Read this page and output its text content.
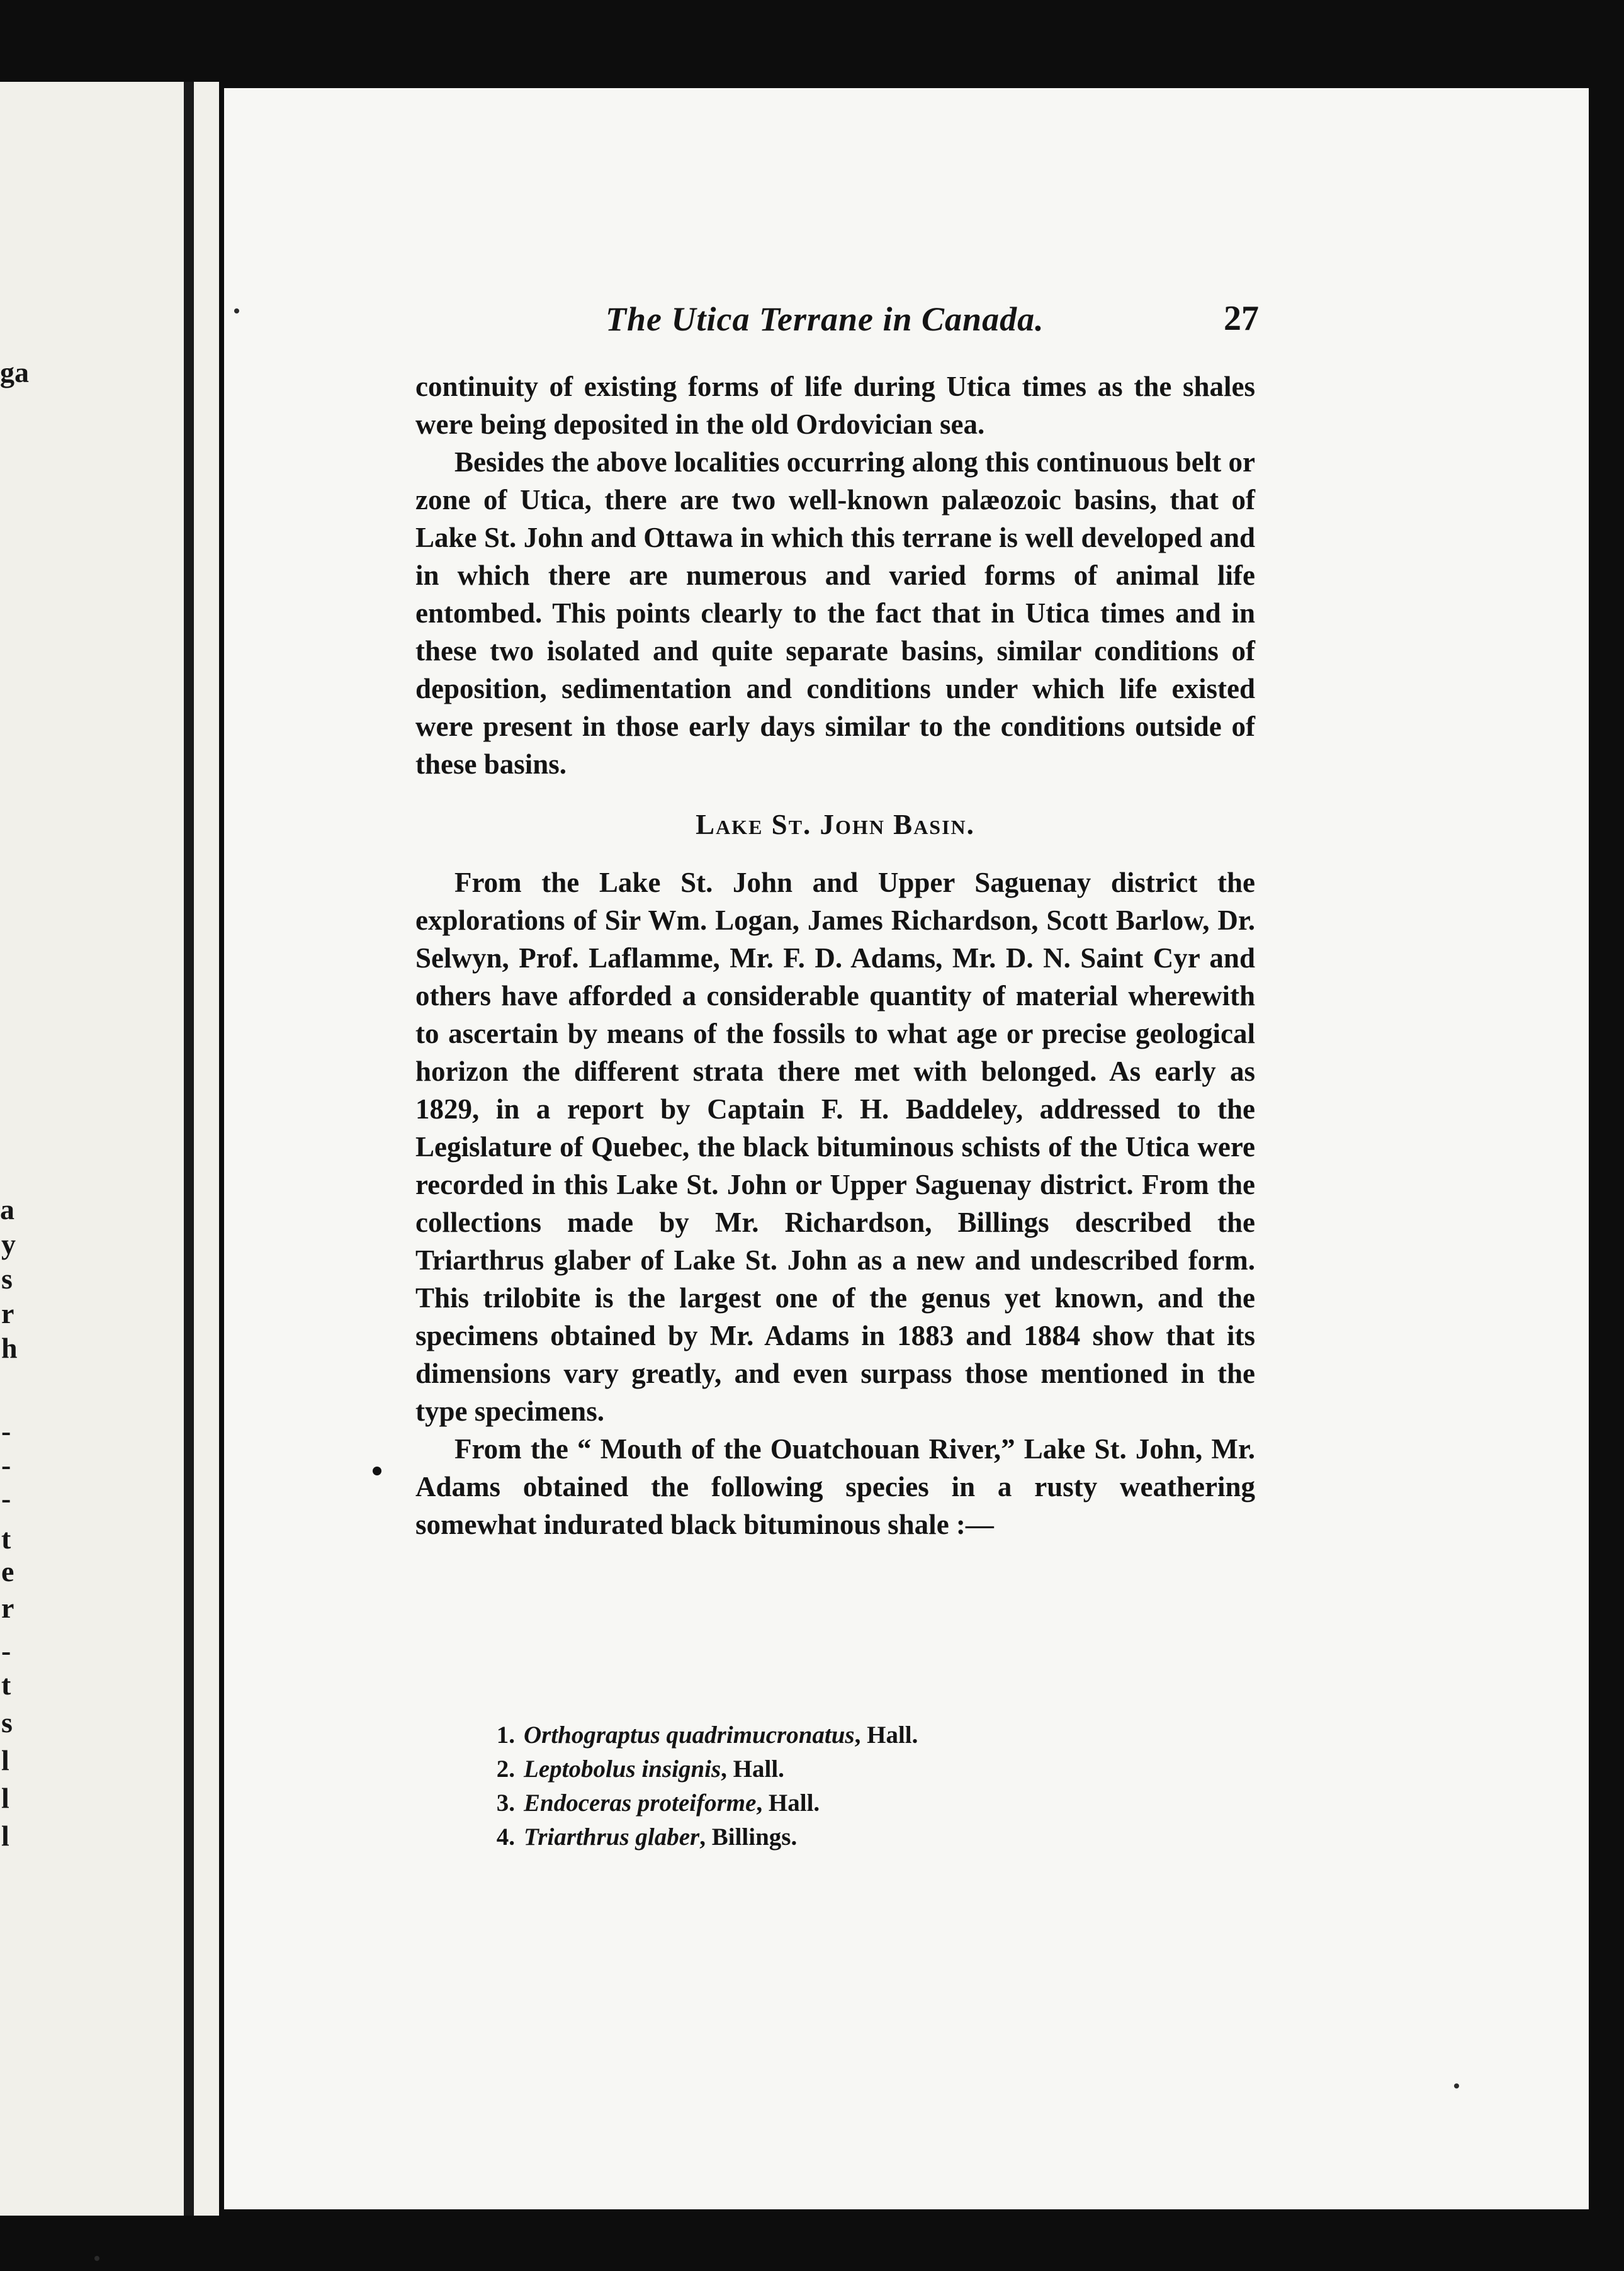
ga
a
y
s
r
h
-
-
-
t
e
r
-
t
s
l
l
l
The Utica Terrane in Canada.	27

continuity of existing forms of life during Utica times as the shales were being deposited in the old Ordovician sea.

Besides the above localities occurring along this continuous belt or zone of Utica, there are two well-known palæozoic basins, that of Lake St. John and Ottawa in which this terrane is well developed and in which there are numerous and varied forms of animal life entombed. This points clearly to the fact that in Utica times and in these two isolated and quite separate basins, similar conditions of deposition, sedimentation and conditions under which life existed were present in those early days similar to the conditions outside of these basins.

Lake St. John Basin.

From the Lake St. John and Upper Saguenay district the explorations of Sir Wm. Logan, James Richardson, Scott Barlow, Dr. Selwyn, Prof. Laflamme, Mr. F. D. Adams, Mr. D. N. Saint Cyr and others have afforded a considerable quantity of material wherewith to ascertain by means of the fossils to what age or precise geological horizon the different strata there met with belonged. As early as 1829, in a report by Captain F. H. Baddeley, addressed to the Legislature of Quebec, the black bituminous schists of the Utica were recorded in this Lake St. John or Upper Saguenay district. From the collections made by Mr. Richardson, Billings described the Triarthrus glaber of Lake St. John as a new and undescribed form. This trilobite is the largest one of the genus yet known, and the specimens obtained by Mr. Adams in 1883 and 1884 show that its dimensions vary greatly, and even surpass those mentioned in the type specimens.

From the “ Mouth of the Ouatchouan River,” Lake St. John, Mr. Adams obtained the following species in a rusty weathering somewhat indurated black bituminous shale :—

1. Orthograptus quadrimucronatus, Hall.
2. Leptobolus insignis, Hall.
3. Endoceras proteiforme, Hall.
4. Triarthrus glaber, Billings.
